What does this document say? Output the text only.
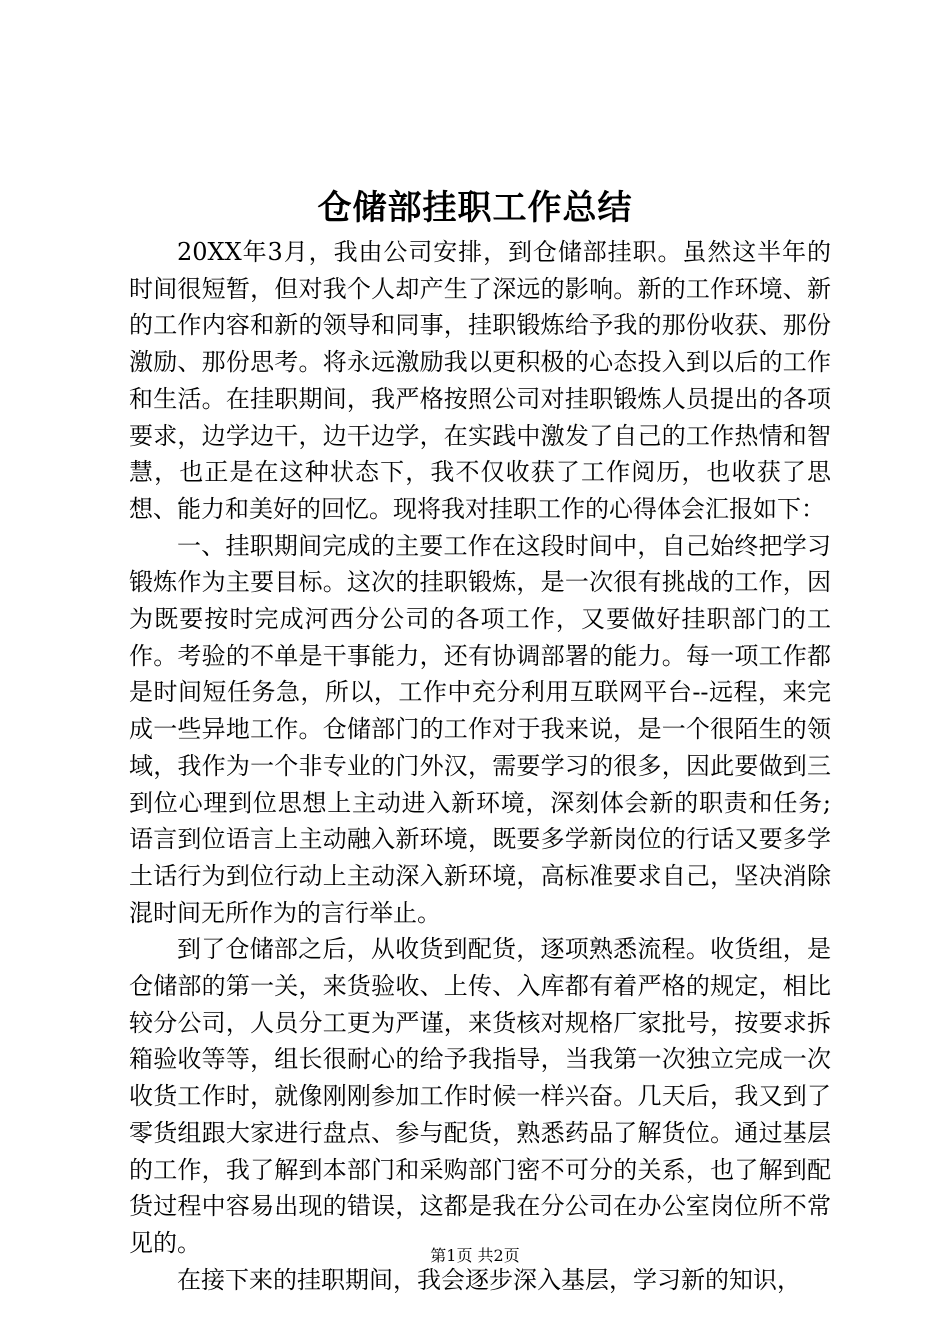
仓储部挂职工作总结

20XX年3月，我由公司安排，到仓储部挂职。虽然这半年的时间很短暂，但对我个人却产生了深远的影响。新的工作环境、新的工作内容和新的领导和同事，挂职锻炼给予我的那份收获、那份激励、那份思考。将永远激励我以更积极的心态投入到以后的工作和生活。在挂职期间，我严格按照公司对挂职锻炼人员提出的各项要求，边学边干，边干边学，在实践中激发了自己的工作热情和智慧，也正是在这种状态下，我不仅收获了工作阅历，也收获了思想、能力和美好的回忆。现将我对挂职工作的心得体会汇报如下：

一、挂职期间完成的主要工作在这段时间中，自己始终把学习锻炼作为主要目标。这次的挂职锻炼，是一次很有挑战的工作，因为既要按时完成河西分公司的各项工作，又要做好挂职部门的工作。考验的不单是干事能力，还有协调部署的能力。每一项工作都是时间短任务急，所以，工作中充分利用互联网平台--远程，来完成一些异地工作。仓储部门的工作对于我来说，是一个很陌生的领域，我作为一个非专业的门外汉，需要学习的很多，因此要做到三到位心理到位思想上主动进入新环境，深刻体会新的职责和任务;语言到位语言上主动融入新环境，既要多学新岗位的行话又要多学土话行为到位行动上主动深入新环境，高标准要求自己，坚决消除混时间无所作为的言行举止。

到了仓储部之后，从收货到配货，逐项熟悉流程。收货组，是仓储部的第一关，来货验收、上传、入库都有着严格的规定，相比较分公司，人员分工更为严谨，来货核对规格厂家批号，按要求拆箱验收等等，组长很耐心的给予我指导，当我第一次独立完成一次收货工作时，就像刚刚参加工作时候一样兴奋。几天后，我又到了零货组跟大家进行盘点、参与配货，熟悉药品了解货位。通过基层的工作，我了解到本部门和采购部门密不可分的关系，也了解到配货过程中容易出现的错误，这都是我在分公司在办公室岗位所不常见的。

在接下来的挂职期间，我会逐步深入基层，学习新的知识，

第1页 共2页
